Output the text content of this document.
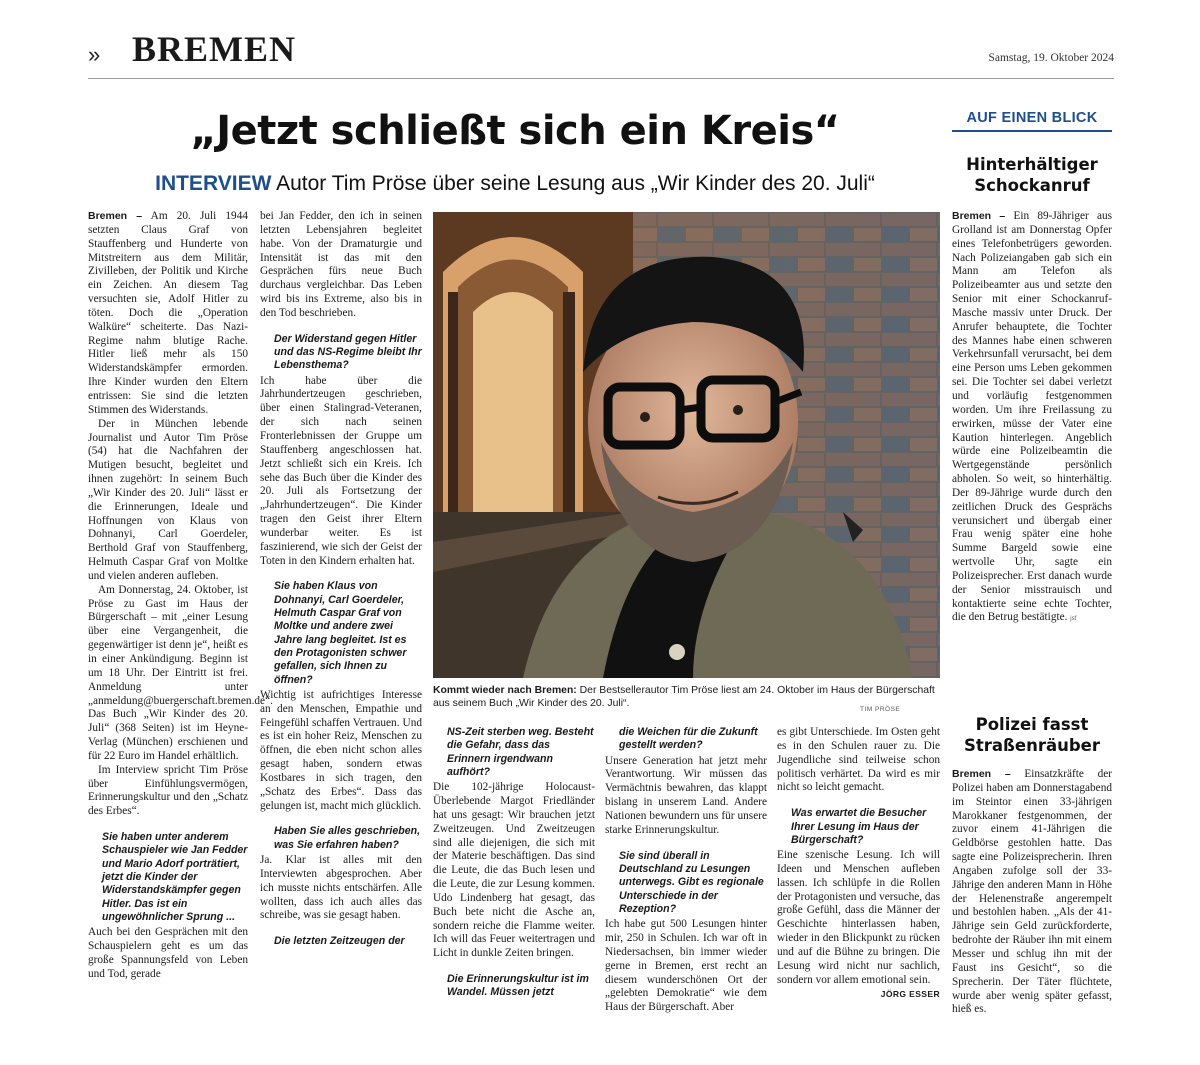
» BREMEN	Samstag, 19. Oktober 2024
„Jetzt schließt sich ein Kreis“
INTERVIEW Autor Tim Pröse über seine Lesung aus „Wir Kinder des 20. Juli“

Bremen – Am 20. Juli 1944 setzten Claus Graf von Stauffenberg und Hunderte von Mitstreitern aus dem Militär, Zivilleben, der Politik und Kirche ein Zeichen. An diesem Tag versuchten sie, Adolf Hitler zu töten. Doch die „Operation Walküre“ scheiterte. Das Nazi-Regime nahm blutige Rache. Hitler ließ mehr als 150 Widerstandskämpfer ermorden. Ihre Kinder wurden den Eltern entrissen: Sie sind die letzten Stimmen des Widerstands.

Der in München lebende Journalist und Autor Tim Pröse (54) hat die Nachfahren der Mutigen besucht, begleitet und ihnen zugehört: In seinem Buch „Wir Kinder des 20. Juli“ lässt er die Erinnerungen, Ideale und Hoffnungen von Klaus von Dohnanyi, Carl Goerdeler, Berthold Graf von Stauffenberg, Helmuth Caspar Graf von Moltke und vielen anderen aufleben.

Am Donnerstag, 24. Oktober, ist Pröse zu Gast im Haus der Bürgerschaft – mit „einer Lesung über eine Vergangenheit, die gegenwärtiger ist denn je“, heißt es in einer Ankündigung. Beginn ist um 18 Uhr. Der Eintritt ist frei. Anmeldung unter „anmeldung@buergerschaft.bremen.de“. Das Buch „Wir Kinder des 20. Juli“ (368 Seiten) ist im Heyne-Verlag (München) erschienen und für 22 Euro im Handel erhältlich.

Im Interview spricht Tim Pröse über Einfühlungsvermögen, Erinnerungskultur und den „Schatz des Erbes“.

Sie haben unter anderem Schauspieler wie Jan Fedder und Mario Adorf porträtiert, jetzt die Kinder der Widerstandskämpfer gegen Hitler. Das ist ein ungewöhnlicher Sprung ...

Auch bei den Gesprächen mit den Schauspielern geht es um das große Spannungsfeld von Leben und Tod, gerade

bei Jan Fedder, den ich in seinen letzten Lebensjahren begleitet habe. Von der Dramaturgie und Intensität ist das mit den Gesprächen fürs neue Buch durchaus vergleichbar. Das Leben wird bis ins Extreme, also bis in den Tod beschrieben.

Der Widerstand gegen Hitler und das NS-Regime bleibt Ihr Lebensthema?

Ich habe über die Jahrhundertzeugen geschrieben, über einen Stalingrad-Veteranen, der sich nach seinen Fronterlebnissen der Gruppe um Stauffenberg angeschlossen hat. Jetzt schließt sich ein Kreis. Ich sehe das Buch über die Kinder des 20. Juli als Fortsetzung der „Jahrhundertzeugen“. Die Kinder tragen den Geist ihrer Eltern wunderbar weiter. Es ist faszinierend, wie sich der Geist der Toten in den Kindern erhalten hat.

Sie haben Klaus von Dohnanyi, Carl Goerdeler, Helmuth Caspar Graf von Moltke und andere zwei Jahre lang begleitet. Ist es den Protagonisten schwer gefallen, sich Ihnen zu öffnen?

Wichtig ist aufrichtiges Interesse an den Menschen, Empathie und Feingefühl schaffen Vertrauen. Und es ist ein hoher Reiz, Menschen zu öffnen, die eben nicht schon alles gesagt haben, sondern etwas Kostbares in sich tragen, den „Schatz des Erbes“. Dass das gelungen ist, macht mich glücklich.

Haben Sie alles geschrieben, was Sie erfahren haben?

Ja. Klar ist alles mit den Interviewten abgesprochen. Aber ich musste nichts entschärfen. Alle wollten, dass ich auch alles das schreibe, was sie gesagt haben.

Die letzten Zeitzeugen der

Kommt wieder nach Bremen: Der Bestsellerautor Tim Pröse liest am 24. Oktober im Haus der Bürgerschaft aus seinem Buch „Wir Kinder des 20. Juli“.
TIM PRÖSE

NS-Zeit sterben weg. Besteht die Gefahr, dass das Erinnern irgendwann aufhört?

Die 102-jährige Holocaust-Überlebende Margot Friedländer hat uns gesagt: Wir brauchen jetzt Zweitzeugen. Und Zweitzeugen sind alle diejenigen, die sich mit der Materie beschäftigen. Das sind die Leute, die das Buch lesen und die Leute, die zur Lesung kommen. Udo Lindenberg hat gesagt, das Buch bete nicht die Asche an, sondern reiche die Flamme weiter. Ich will das Feuer weitertragen und Licht in dunkle Zeiten bringen.

Die Erinnerungskultur ist im Wandel. Müssen jetzt

die Weichen für die Zukunft gestellt werden?

Unsere Generation hat jetzt mehr Verantwortung. Wir müssen das Vermächtnis bewahren, das klappt bislang in unserem Land. Andere Nationen bewundern uns für unsere starke Erinnerungskultur.

Sie sind überall in Deutschland zu Lesungen unterwegs. Gibt es regionale Unterschiede in der Rezeption?

Ich habe gut 500 Lesungen hinter mir, 250 in Schulen. Ich war oft in Niedersachsen, bin immer wieder gerne in Bremen, erst recht an diesem wunderschönen Ort der „gelebten Demokratie“ wie dem Haus der Bürgerschaft. Aber

es gibt Unterschiede. Im Osten geht es in den Schulen rauer zu. Die Jugendliche sind teilweise schon politisch verhärtet. Da wird es mir nicht so leicht gemacht.

Was erwartet die Besucher Ihrer Lesung im Haus der Bürgerschaft?

Eine szenische Lesung. Ich will Ideen und Menschen aufleben lassen. Ich schlüpfe in die Rollen der Protagonisten und versuche, das große Gefühl, dass die Männer der Geschichte hinterlassen haben, wieder in den Blickpunkt zu rücken und auf die Bühne zu bringen. Die Lesung wird nicht nur sachlich, sondern vor allem emotional sein.

JÖRG ESSER
AUF EINEN BLICK
Hinterhältiger Schockanruf

Bremen – Ein 89-Jähriger aus Grolland ist am Donnerstag Opfer eines Telefonbetrügers geworden. Nach Polizeiangaben gab sich ein Mann am Telefon als Polizeibeamter aus und setzte den Senior mit einer Schockanruf-Masche massiv unter Druck. Der Anrufer behauptete, die Tochter des Mannes habe einen schweren Verkehrsunfall verursacht, bei dem eine Person ums Leben gekommen sei. Die Tochter sei dabei verletzt und vorläufig festgenommen worden. Um ihre Freilassung zu erwirken, müsse der Vater eine Kaution hinterlegen. Angeblich würde eine Polizeibeamtin die Wertgegenstände persönlich abholen. So weit, so hinterhältig. Der 89-Jährige wurde durch den zeitlichen Druck des Gesprächs verunsichert und übergab einer Frau wenig später eine hohe Summe Bargeld sowie eine wertvolle Uhr, sagte ein Polizeisprecher. Erst danach wurde der Senior misstrauisch und kontaktierte seine echte Tochter, die den Betrug bestätigte. jsf

Polizei fasst Straßenräuber

Bremen – Einsatzkräfte der Polizei haben am Donnerstagabend im Steintor einen 33-jährigen Marokkaner festgenommen, der zuvor einem 41-Jährigen die Geldbörse gestohlen hatte. Das sagte eine Polizeisprecherin. Ihren Angaben zufolge soll der 33-Jährige den anderen Mann in Höhe der Helenenstraße angerempelt und bestohlen haben. „Als der 41-Jährige sein Geld zurückforderte, bedrohte der Räuber ihn mit einem Messer und schlug ihn mit der Faust ins Gesicht“, so die Sprecherin. Der Täter flüchtete, wurde aber wenig später gefasst, hieß es.
